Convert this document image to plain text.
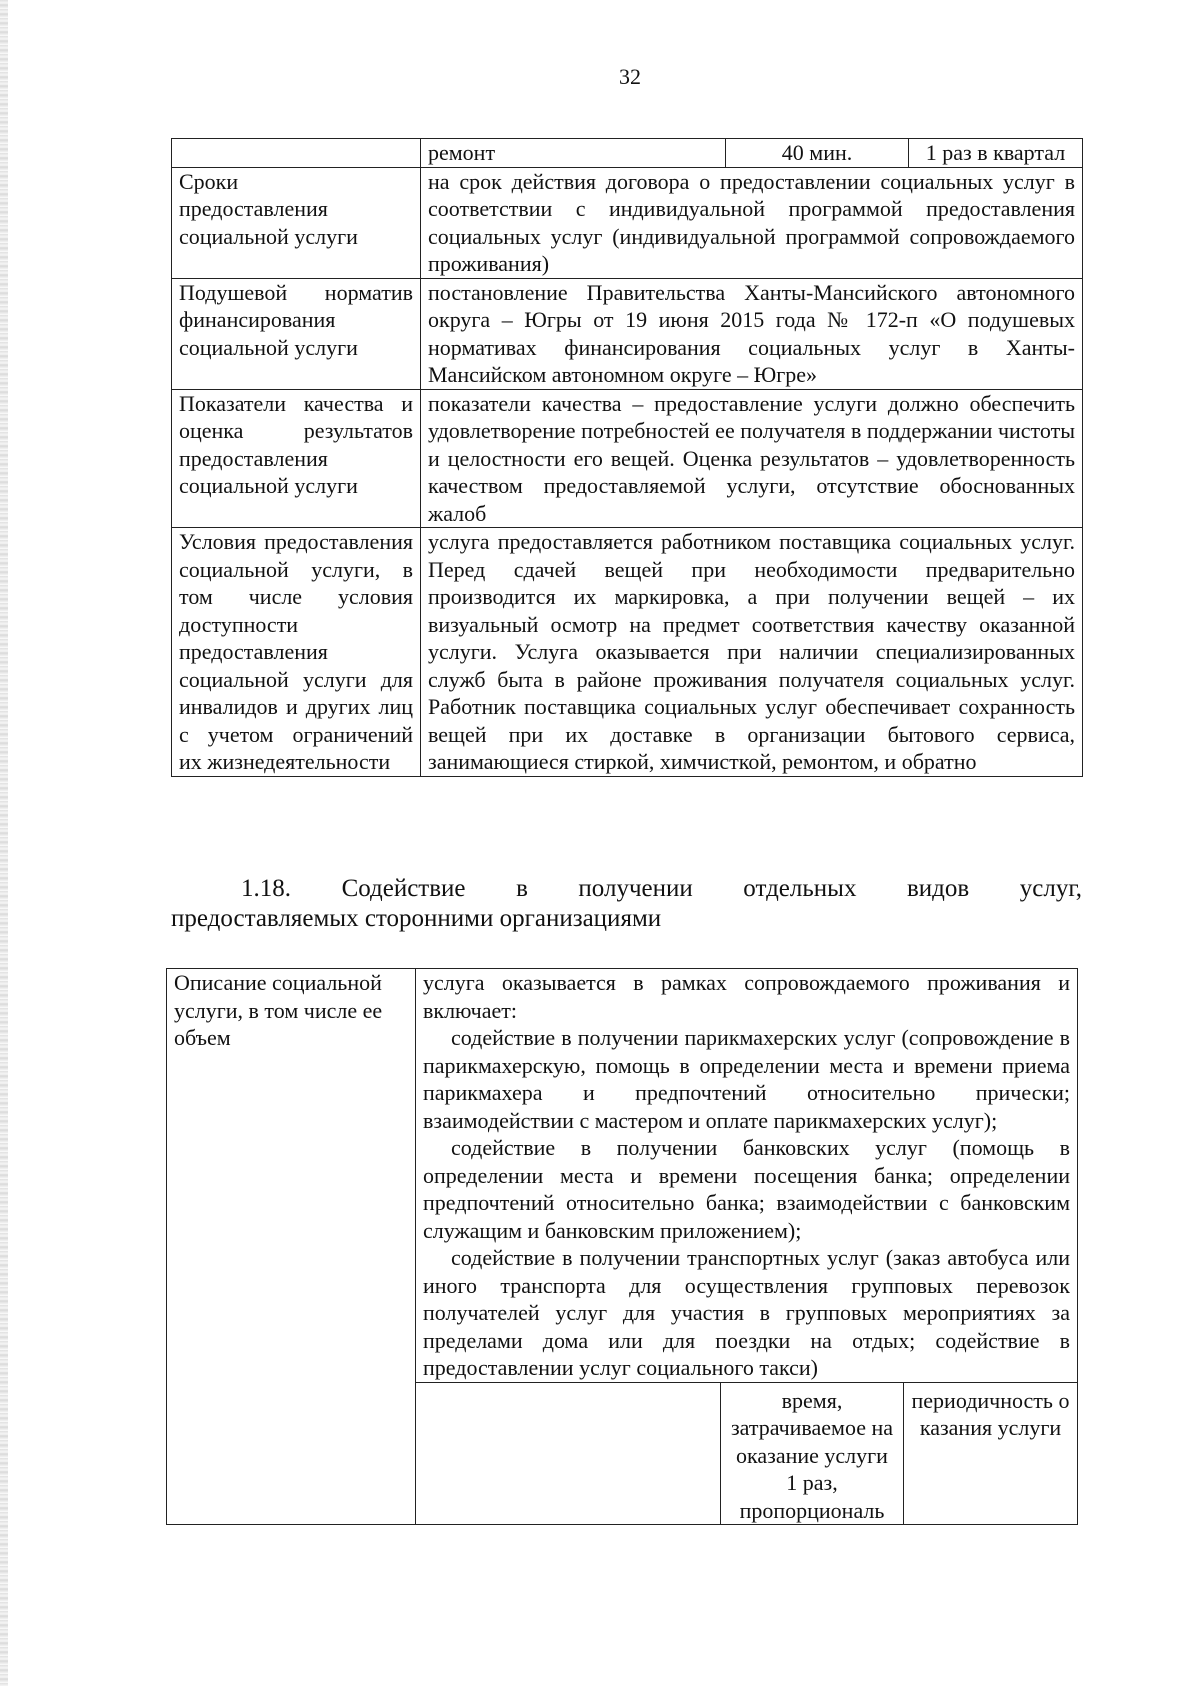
32
	ремонт	40 мин.	1 раз в квартал
Сроки предоставления социальной услуги	на срок действия договора о предоставлении социальных услуг в соответствии с индивидуальной программой предоставления социальных услуг (индивидуальной программой сопровождаемого проживания)		
Подушевой норматив финансирования социальной услуги	постановление Правительства Ханты-Мансийского автономного округа – Югры от 19 июня 2015 года № 172-п «О подушевых нормативах финансирования социальных услуг в Ханты-Мансийском автономном округе – Югре»		
Показатели качества и оценка результатов предоставления социальной услуги	показатели качества – предоставление услуги должно обеспечить удовлетворение потребностей ее получателя в поддержании чистоты и целостности его вещей. Оценка результатов – удовлетворенность качеством предоставляемой услуги, отсутствие обоснованных жалоб		
Условия предоставления социальной услуги, в том числе условия доступности предоставления социальной услуги для инвалидов и других лиц с учетом ограничений их жизнедеятельности	услуга предоставляется работником поставщика социальных услуг. Перед сдачей вещей при необходимости предварительно производится их маркировка, а при получении вещей – их визуальный осмотр на предмет соответствия качеству оказанной услуги. Услуга оказывается при наличии специализированных служб быта в районе проживания получателя социальных услуг. Работник поставщика социальных услуг обеспечивает сохранность вещей при их доставке в организации бытового сервиса, занимающиеся стиркой, химчисткой, ремонтом, и обратно		
1.18. Содействие в получении отдельных видов услуг,
предоставляемых сторонними организациями
Описание социальной услуги, в том числе ее объем	услуга оказывается в рамках сопровождаемого проживания и включает:
содействие в получении парикмахерских услуг (сопровождение в парикмахерскую, помощь в определении места и времени приема парикмахера и предпочтений относительно прически; взаимодействии с мастером и оплате парикмахерских услуг);
содействие в получении банковских услуг (помощь в определении места и времени посещения банка; определении предпочтений относительно банка; взаимодействии с банковским служащим и банковским приложением);
содействие в получении транспортных услуг (заказ автобуса или иного транспорта для осуществления групповых перевозок получателей услуг для участия в групповых мероприятиях за пределами дома или для поездки на отдых; содействие в предоставлении услуг социального такси)		

		время, затрачиваемое на оказание услуги 1 раз, пропорциональ	периодичность оказания услуги
